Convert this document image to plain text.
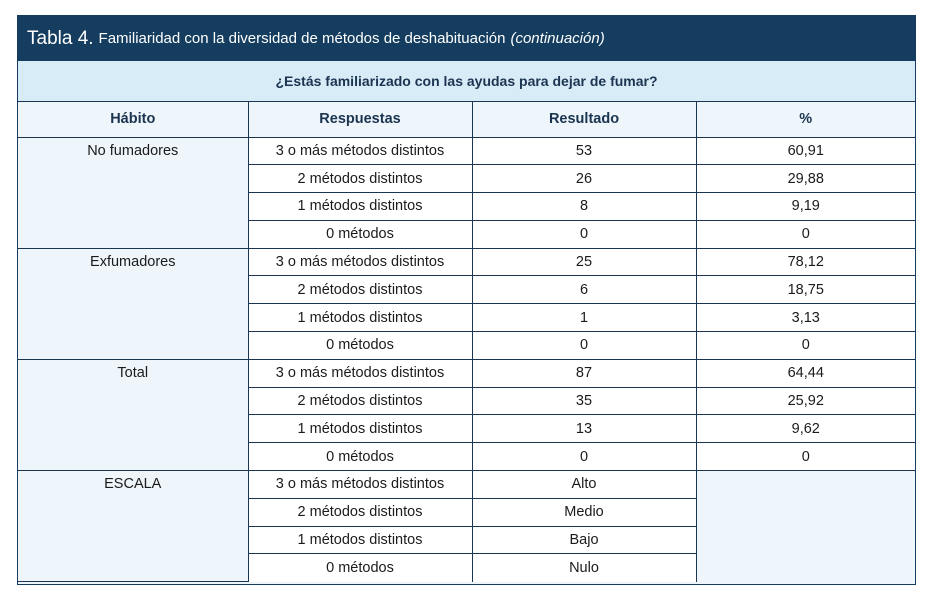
Tabla 4. Familiaridad con la diversidad de métodos de deshabituación (continuación)
¿Estás familiarizado con las ayudas para dejar de fumar?
Hábito	Respuestas	Resultado	%
No fumadores	3 o más métodos distintos	53	60,91
	2 métodos distintos	26	29,88
	1 métodos distintos	8	9,19
	0 métodos	0	0
Exfumadores	3 o más métodos distintos	25	78,12
	2 métodos distintos	6	18,75
	1 métodos distintos	1	3,13
	0 métodos	0	0
Total	3 o más métodos distintos	87	64,44
	2 métodos distintos	35	25,92
	1 métodos distintos	13	9,62
	0 métodos	0	0
ESCALA	3 o más métodos distintos	Alto	
	2 métodos distintos	Medio	
	1 métodos distintos	Bajo	
	0 métodos	Nulo	
